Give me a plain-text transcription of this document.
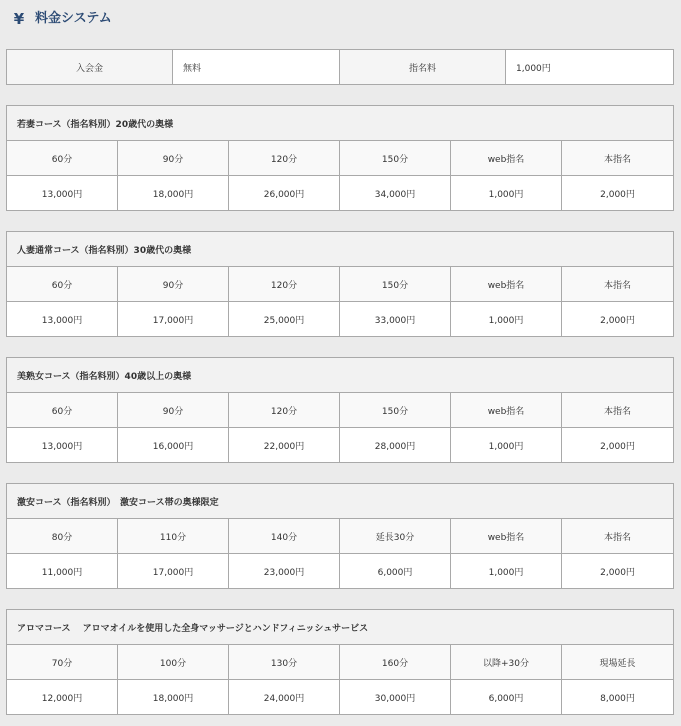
¥ 料金システム
入会金	無料	指名料	1,000円
若妻コース（指名料別）20歳代の奥様					
60分	90分	120分	150分	web指名	本指名
13,000円	18,000円	26,000円	34,000円	1,000円	2,000円
人妻通常コース（指名料別）30歳代の奥様					
60分	90分	120分	150分	web指名	本指名
13,000円	17,000円	25,000円	33,000円	1,000円	2,000円
美熟女コース（指名料別）40歳以上の奥様					
60分	90分	120分	150分	web指名	本指名
13,000円	16,000円	22,000円	28,000円	1,000円	2,000円
激安コース（指名料別）　激安コース帯の奥様限定					
80分	110分	140分	延長30分	web指名	本指名
11,000円	17,000円	23,000円	6,000円	1,000円	2,000円
アロマコース　 アロマオイルを使用した全身マッサージとハンドフィニッシュサービス					
70分	100分	130分	160分	以降+30分	現場延長
12,000円	18,000円	24,000円	30,000円	6,000円	8,000円
